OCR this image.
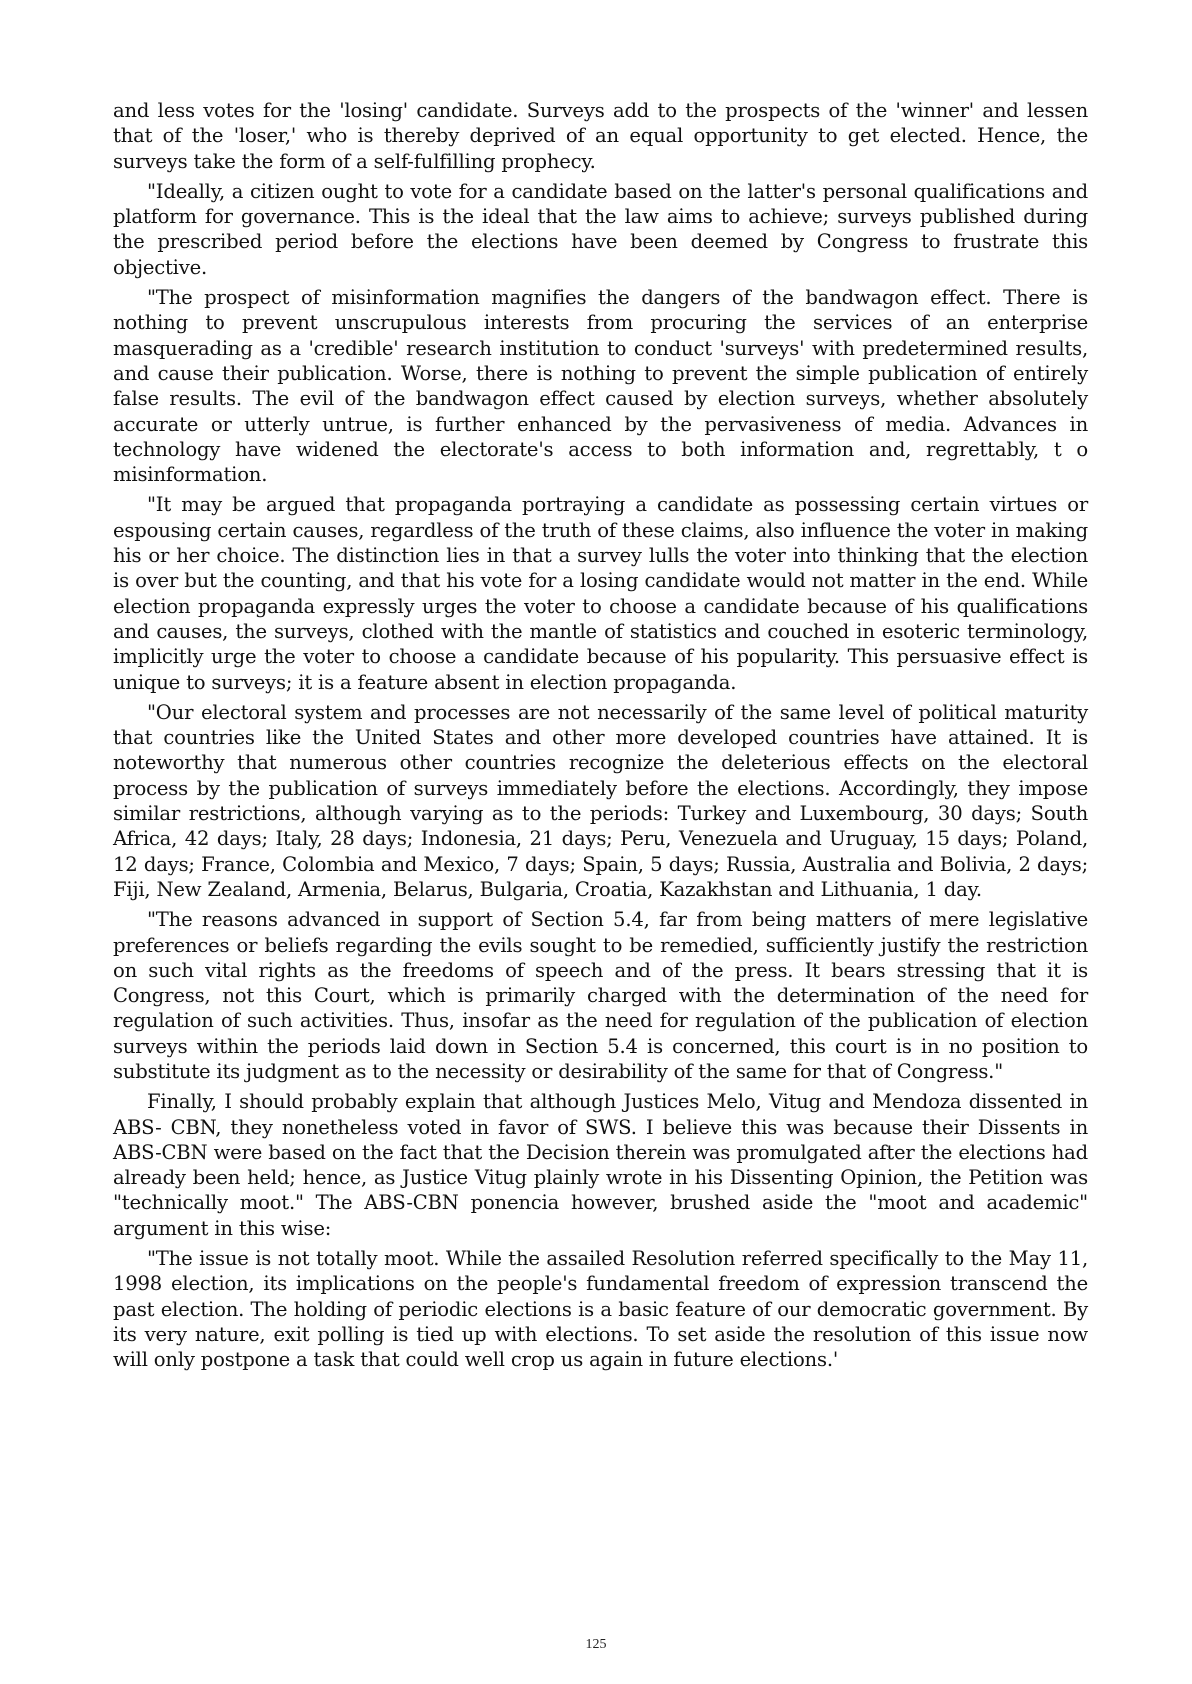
and less votes for the 'losing' candidate. Surveys add to the prospects of the 'winner' and lessen that of the 'loser,' who is thereby deprived of an equal opportunity to get elected. Hence, the surveys take the form of a self-fulfilling prophecy.

"Ideally, a citizen ought to vote for a candidate based on the latter's personal qualifications and platform for governance. This is the ideal that the law aims to achieve; surveys published during the prescribed period before the elections have been deemed by Congress to frustrate this objective.

"The prospect of misinformation magnifies the dangers of the bandwagon effect. There is nothing to prevent unscrupulous interests from procuring the services of an enterprise masquerading as a 'credible' research institution to conduct 'surveys' with predetermined results, and cause their publication. Worse, there is nothing to prevent the simple publication of entirely false results. The evil of the bandwagon effect caused by election surveys, whether absolutely accurate or utterly untrue, is further enhanced by the pervasiveness of media. Advances in technology have widened the electorate's access to both information and, regrettably, t o misinformation.

"It may be argued that propaganda portraying a candidate as possessing certain virtues or espousing certain causes, regardless of the truth of these claims, also influence the voter in making his or her choice. The distinction lies in that a survey lulls the voter into thinking that the election is over but the counting, and that his vote for a losing candidate would not matter in the end. While election propaganda expressly urges the voter to choose a candidate because of his qualifications and causes, the surveys, clothed with the mantle of statistics and couched in esoteric terminology, implicitly urge the voter to choose a candidate because of his popularity. This persuasive effect is unique to surveys; it is a feature absent in election propaganda.

"Our electoral system and processes are not necessarily of the same level of political maturity that countries like the United States and other more developed countries have attained. It is noteworthy that numerous other countries recognize the deleterious effects on the electoral process by the publication of surveys immediately before the elections. Accordingly, they impose similar restrictions, although varying as to the periods: Turkey and Luxembourg, 30 days; South Africa, 42 days; Italy, 28 days; Indonesia, 21 days; Peru, Venezuela and Uruguay, 15 days; Poland, 12 days; France, Colombia and Mexico, 7 days; Spain, 5 days; Russia, Australia and Bolivia, 2 days; Fiji, New Zealand, Armenia, Belarus, Bulgaria, Croatia, Kazakhstan and Lithuania, 1 day.

"The reasons advanced in support of Section 5.4, far from being matters of mere legislative preferences or beliefs regarding the evils sought to be remedied, sufficiently justify the restriction on such vital rights as the freedoms of speech and of the press. It bears stressing that it is Congress, not this Court, which is primarily charged with the determination of the need for regulation of such activities. Thus, insofar as the need for regulation of the publication of election surveys within the periods laid down in Section 5.4 is concerned, this court is in no position to substitute its judgment as to the necessity or desirability of the same for that of Congress."

Finally, I should probably explain that although Justices Melo, Vitug and Mendoza dissented in ABS- CBN, they nonetheless voted in favor of SWS. I believe this was because their Dissents in ABS-CBN were based on the fact that the Decision therein was promulgated after the elections had already been held; hence, as Justice Vitug plainly wrote in his Dissenting Opinion, the Petition was "technically moot." The ABS-CBN ponencia however, brushed aside the "moot and academic" argument in this wise:

"The issue is not totally moot. While the assailed Resolution referred specifically to the May 11, 1998 election, its implications on the people's fundamental freedom of expression transcend the past election. The holding of periodic elections is a basic feature of our democratic government. By its very nature, exit polling is tied up with elections. To set aside the resolution of this issue now will only postpone a task that could well crop us again in future elections.'

125
